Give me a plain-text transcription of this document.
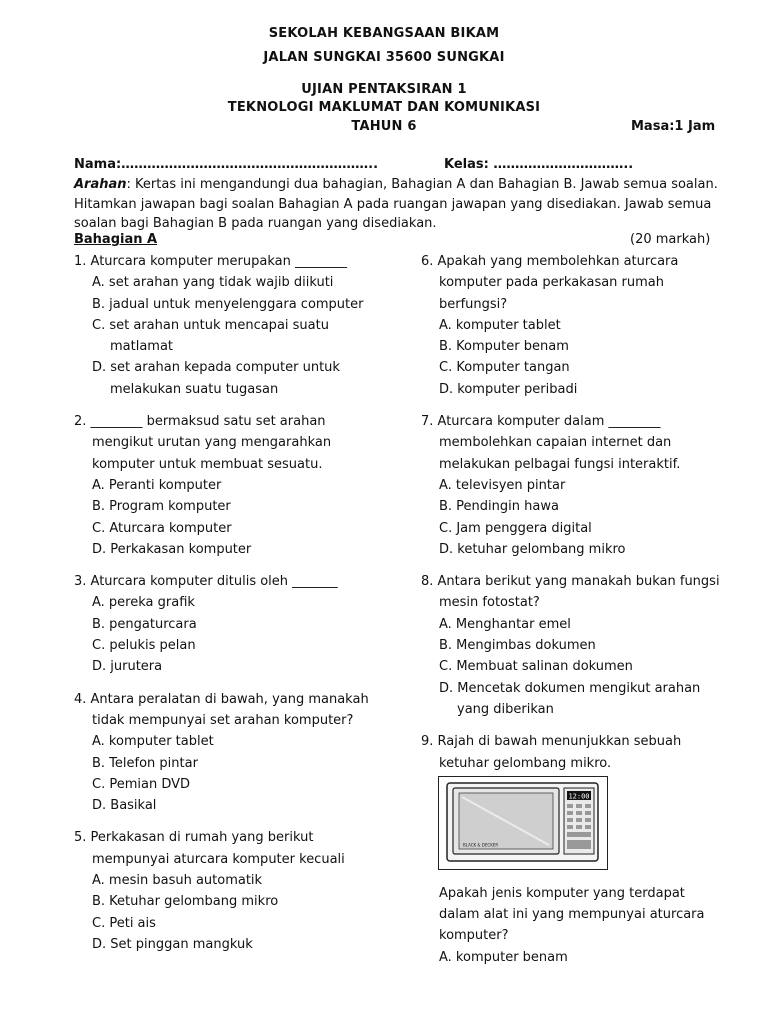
SEKOLAH KEBANGSAAN BIKAM
JALAN SUNGKAI 35600 SUNGKAI
UJIAN PENTAKSIRAN 1
TEKNOLOGI MAKLUMAT DAN KOMUNIKASI
TAHUN 6	Masa:1 Jam
Nama:…………………………………………………..	Kelas: …………………………..
Arahan: Kertas ini mengandungi dua bahagian, Bahagian A dan Bahagian B. Jawab semua soalan. Hitamkan jawapan bagi soalan Bahagian A pada ruangan jawapan yang disediakan. Jawab semua soalan bagi Bahagian B pada ruangan yang disediakan.
Bahagian A	(20 markah)
1. Aturcara komputer merupakan ________
A. set arahan yang tidak wajib diikuti
B. jadual untuk menyelenggara computer
C. set arahan untuk mencapai suatu
matlamat
D. set arahan kepada computer untuk
melakukan suatu tugasan
2. ________ bermaksud satu set arahan
mengikut urutan yang mengarahkan
komputer untuk membuat sesuatu.
A. Peranti komputer
B. Program komputer
C. Aturcara komputer
D. Perkakasan komputer
3. Aturcara komputer ditulis oleh _______
A. pereka grafik
B. pengaturcara
C. pelukis pelan
D. jurutera
4. Antara peralatan di bawah, yang manakah
tidak mempunyai set arahan komputer?
A. komputer tablet
B. Telefon pintar
C. Pemian DVD
D. Basikal
5. Perkakasan di rumah yang berikut
mempunyai aturcara komputer kecuali
A. mesin basuh automatik
B. Ketuhar gelombang mikro
C. Peti ais
D. Set pinggan mangkuk
6. Apakah yang membolehkan aturcara
komputer pada perkakasan rumah
berfungsi?
A. komputer tablet
B. Komputer benam
C. Komputer tangan
D. komputer peribadi
7. Aturcara komputer dalam ________
membolehkan capaian internet dan
melakukan pelbagai fungsi interaktif.
A. televisyen pintar
B. Pendingin hawa
C. Jam penggera digital
D. ketuhar gelombang mikro
8. Antara berikut yang manakah bukan fungsi
mesin fotostat?
A. Menghantar emel
B. Mengimbas dokumen
C. Membuat salinan dokumen
D. Mencetak dokumen mengikut arahan
yang diberikan
9. Rajah di bawah menunjukkan sebuah
ketuhar gelombang mikro.
Apakah jenis komputer yang terdapat
dalam alat ini yang mempunyai aturcara
komputer?
A. komputer benam
12:00
BLACK & DECKER
